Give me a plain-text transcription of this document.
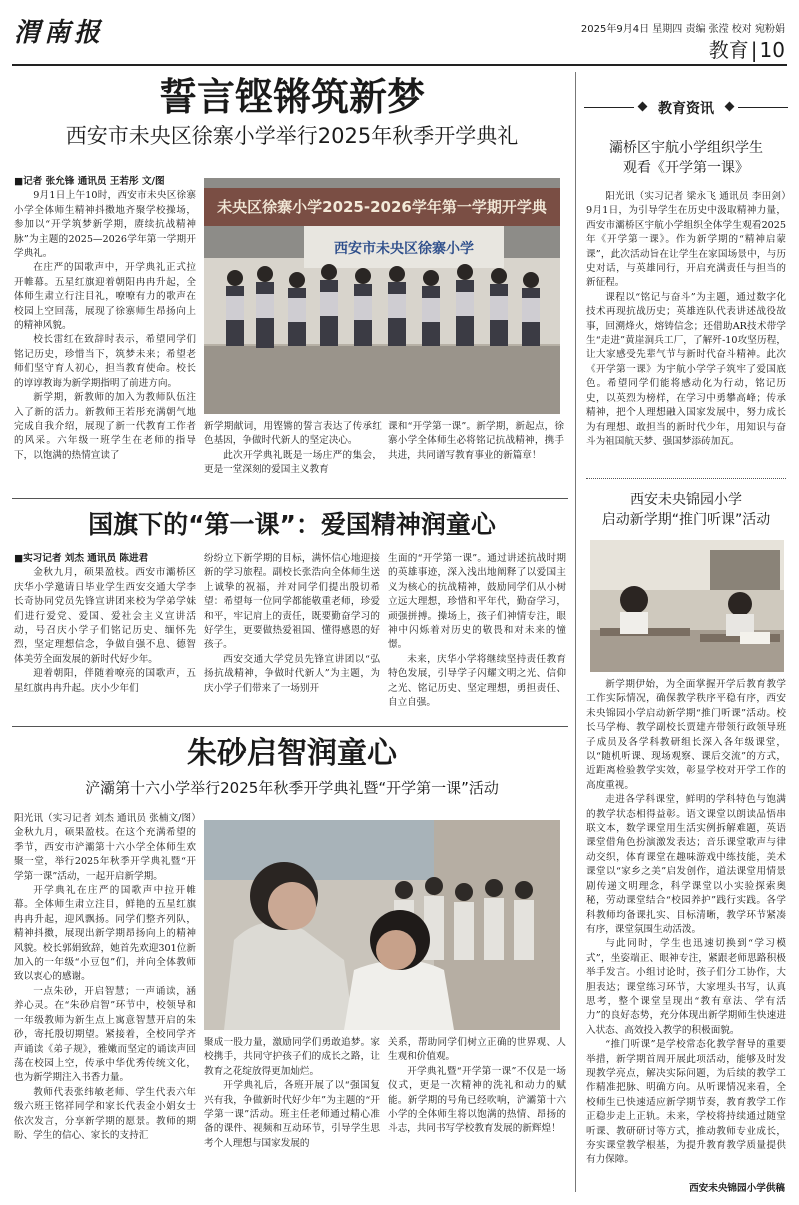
渭南报	2025年9月4日 星期四 责编 张滢 校对 宛粉娟
教育 | 10
誓言铿锵筑新梦
西安市未央区徐寨小学举行2025年秋季开学典礼

■记者 张允锋 通讯员 王若彤 文/图

9月1日上午10时，西安市未央区徐寨小学全体师生精神抖擞地齐聚学校操场，参加以“开学筑梦新学期，赓续抗战精神脉”为主题的2025—2026学年第一学期开学典礼。

在庄严的国歌声中，开学典礼正式拉开帷幕。五星红旗迎着朝阳冉冉升起，全体师生肃立行注目礼，嘹嘹有力的歌声在校园上空回荡，展现了徐寨师生昂扬向上的精神风貌。

校长雷红在致辞时表示，希望同学们铭记历史，珍惜当下，筑梦未来；希望老师们坚守育人初心，担当教育使命。校长的谆谆教诲为新学期指明了前进方向。

新学期，新教师的加入为教师队伍注入了新的活力。新教师王若彤充满朝气地完成自我介绍，展现了新一代教育工作者的风采。六年级一班学生在老师的指导下，以饱满的热情宣读了

未央区徐寨小学2025-2026学年第一学期开学典
西安市未央区徐寨小学

新学期献词，用铿锵的誓言表达了传承红色基因，争做时代新人的坚定决心。

此次开学典礼既是一场庄严的集会，更是一堂深刻的爱国主义教育

课和“开学第一课”。新学期，新起点，徐寨小学全体师生必将铭记抗战精神，携手共进，共同谱写教育事业的新篇章！

国旗下的“第一课”：爱国精神润童心

■实习记者 刘杰 通讯员 陈进君

金秋九月，硕果盈枝。西安市灞桥区庆华小学邀请日毕业学生西安交通大学李长奇协同党员先锋宣讲团来校为学弟学妹们进行爱党、爱国、爱社会主义宣讲活动，号召庆小学子们铭记历史、缅怀先烈，坚定理想信念，争做自强不息、德智体美劳全面发展的新时代好少年。

迎着朝阳，伴随着嘹亮的国歌声，五星红旗冉冉升起。庆小少年们

纷纷立下新学期的目标，满怀信心地迎接新的学习旅程。副校长张浩向全体师生送上诚挚的祝福，并对同学们提出殷切希望：希望每一位同学都能敬重老师，珍爱和平，牢记肩上的责任，既要勤奋学习的好学生，更要做热爱祖国、懂得感恩的好孩子。

西安交通大学党员先锋宣讲团以“弘扬抗战精神，争做时代新人”为主题，为庆小学子们带来了一场别开

生面的“开学第一课”。通过讲述抗战时期的英雄事迹，深入浅出地阐释了以爱国主义为核心的抗战精神，鼓励同学们从小树立远大理想，珍惜和平年代，勤奋学习，顽强拼搏。操场上，孩子们神情专注，眼神中闪烁着对历史的敬畏和对未来的憧憬。

未来，庆华小学将继续坚持责任教育特色发展，引导学子闪耀文明之光、信仰之光、铭记历史、坚定理想，勇担责任、自立自强。

朱砂启智润童心
浐灞第十六小学举行2025年秋季开学典礼暨“开学第一课”活动

阳光讯（实习记者 刘杰 通讯员 张楠文/图）金秋九月，硕果盈枝。在这个充满希望的季节，西安市浐灞第十六小学全体师生欢聚一堂，举行2025年秋季开学典礼暨“开学第一课”活动，一起开启新学期。

开学典礼在庄严的国歌声中拉开帷幕。全体师生肃立注目，鲜艳的五星红旗冉冉升起，迎风飘扬。同学们整齐列队，精神抖擞，展现出新学期昂扬向上的精神风貌。校长郭娟致辞，她首先欢迎301位新加入的一年级“小豆包”们，并向全体教师致以衷心的感谢。

一点朱砂，开启智慧；一声诵读，涵养心灵。在“朱砂启智”环节中，校领导和一年级教师为新生点上寓意智慧开启的朱砂，寄托殷切期望。紧接着，全校同学齐声诵读《弟子规》，雅嫩而坚定的诵读声回荡在校园上空，传承中华优秀传统文化，也为新学期注入书香力量。

教师代表张纬敏老师、学生代表六年级六班王铭祥同学和家长代表金小娟女士依次发言，分享新学期的愿景。教师的期盼、学生的信心、家长的支持汇

聚成一股力量，激励同学们勇敢追梦。家校携手，共同守护孩子们的成长之路，让教育之花绽放得更加灿烂。

开学典礼后，各班开展了以“强国复兴有我，争做新时代好少年”为主题的“开学第一课”活动。班主任老师通过精心准备的课件、视频和互动环节，引导学生思考个人理想与国家发展的

关系，帮助同学们树立正确的世界观、人生观和价值观。

开学典礼暨“开学第一课”不仅是一场仪式，更是一次精神的洗礼和动力的赋能。新学期的号角已经吹响，浐灞第十六小学的全体师生将以饱满的热情、昂扬的斗志，共同书写学校教育发展的新辉煌！

教育资讯
灞桥区宇航小学组织学生
观看《开学第一课》

阳光讯（实习记者 梁永飞 通讯员 李田剑）9月1日，为引导学生在历史中汲取精神力量，西安市灞桥区宇航小学组织全体学生观看2025年《开学第一课》。作为新学期的“精神启蒙课”，此次活动旨在让学生在家国场景中，与历史对话，与英雄同行，开启充满责任与担当的新征程。

课程以“铭记与奋斗”为主题，通过数字化技术再现抗战历史；英雄连队代表讲述战役故事，回溯烽火，熔铸信念；还借助AR技术带学生“走进”黄崖洞兵工厂，了解歼-10攻坚历程，让大家感受先辈气节与新时代奋斗精神。此次《开学第一课》为宇航小学学子筑牢了爱国底色。希望同学们能将感动化为行动，铭记历史，以英烈为榜样，在学习中勇攀高峰；传承精神，把个人理想融入国家发展中，努力成长为有理想、敢担当的新时代少年，用知识与奋斗为祖国航天梦、强国梦添砖加瓦。

西安未央锦园小学
启动新学期“推门听课”活动

新学期伊始，为全面掌握开学后教育教学工作实际情况，确保教学秩序平稳有序，西安未央锦园小学启动新学期“推门听课”活动。校长马学梅、教学副校长贾建卉带领行政领导班子成员及各学科教研组长深入各年级课堂，以“随机听课、现场观察、课后交流”的方式，近距离检验教学实效，彰显学校对开学工作的高度重视。

走进各学科课堂，鲜明的学科特色与饱满的教学状态相得益彰。语文课堂以朗读品悟串联文本，数学课堂用生活实例拆解难题，英语课堂借角色扮演激发表达；音乐课堂歌声与律动交织，体育课堂在趣味游戏中练技能，美术课堂以“家乡之美”启发创作，道法课堂用情景剧传递文明理念，科学课堂以小实验探索奥秘，劳动课堂结合“校园养护”践行实践。各学科教师均备课扎实、目标清晰，教学环节紧凑有序，课堂氛围生动活泼。

与此同时，学生也迅速切换到“学习模式”，坐姿端正、眼神专注，紧跟老师思路积极举手发言。小组讨论时，孩子们分工协作，大胆表达；课堂练习环节，大家埋头书写，认真思考，整个课堂呈现出“教有章法、学有活力”的良好态势，充分体现出新学期师生快速进入状态、高效投入教学的积极面貌。

“推门听课”是学校常态化教学督导的重要举措，新学期首周开展此项活动，能够及时发现教学亮点，解决实际问题，为后续的教学工作精准把脉、明确方向。从听课情况来看，全校师生已快速适应新学期节奏，教育教学工作正稳步走上正轨。未来，学校将持续通过随堂听课、教研研讨等方式，推动教师专业成长，夯实课堂教学根基，为提升教育教学质量提供有力保障。

西安未央锦园小学供稿
